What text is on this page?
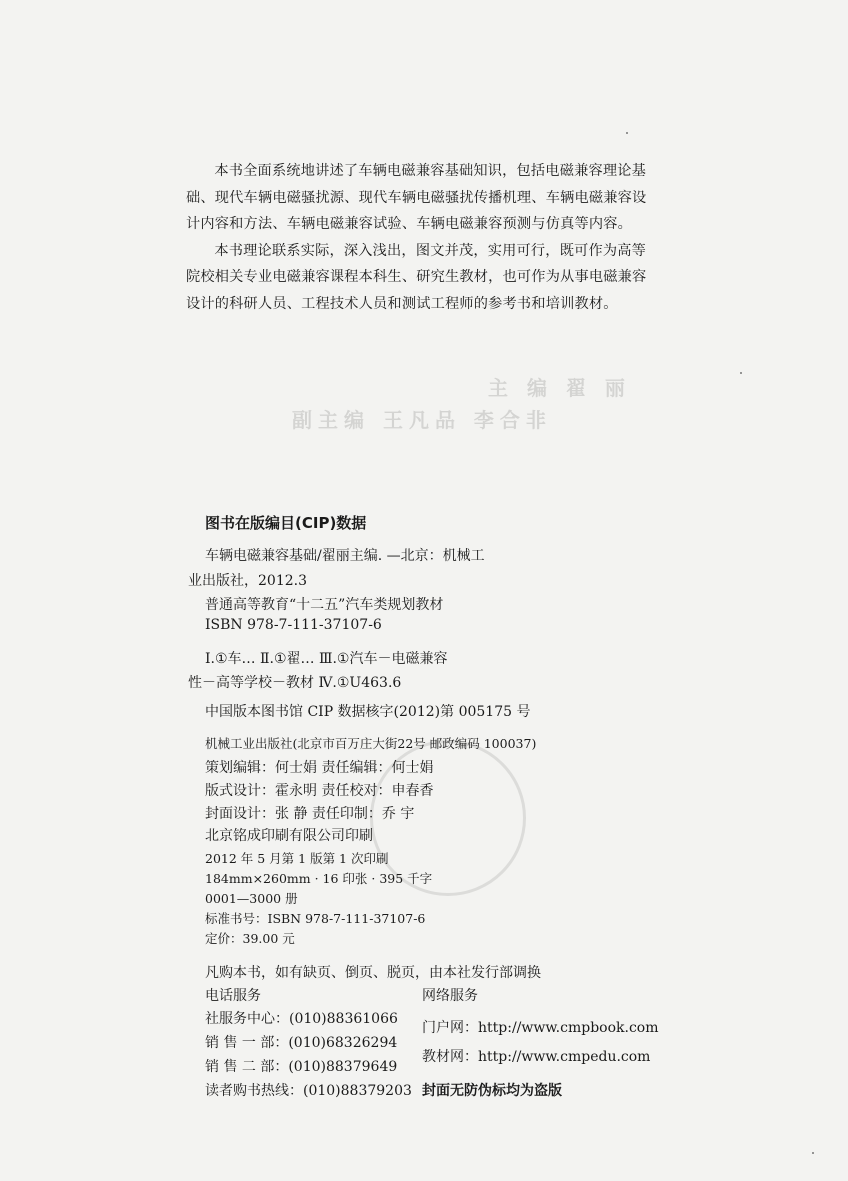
本书全面系统地讲述了车辆电磁兼容基础知识，包括电磁兼容理论基础、现代车辆电磁骚扰源、现代车辆电磁骚扰传播机理、车辆电磁兼容设计内容和方法、车辆电磁兼容试验、车辆电磁兼容预测与仿真等内容。

本书理论联系实际，深入浅出，图文并茂，实用可行，既可作为高等院校相关专业电磁兼容课程本科生、研究生教材，也可作为从事电磁兼容设计的科研人员、工程技术人员和测试工程师的参考书和培训教材。

主 编 翟 丽
副主编 王凡品 李合非
图书在版编目(CIP)数据
车辆电磁兼容基础/翟丽主编. —北京：机械工
业出版社，2012.3
普通高等教育“十二五”汽车类规划教材
ISBN 978-7-111-37107-6
Ⅰ.①车… Ⅱ.①翟… Ⅲ.①汽车－电磁兼容
性－高等学校－教材 Ⅳ.①U463.6
中国版本图书馆 CIP 数据核字(2012)第 005175 号
机械工业出版社(北京市百万庄大街22号 邮政编码 100037)
策划编辑：何士娟 责任编辑：何士娟
版式设计：霍永明 责任校对：申春香
封面设计：张 静 责任印制：乔 宇
北京铭成印刷有限公司印刷
2012 年 5 月第 1 版第 1 次印刷
184mm×260mm · 16 印张 · 395 千字
0001—3000 册
标准书号：ISBN 978-7-111-37107-6
定价：39.00 元
凡购本书，如有缺页、倒页、脱页，由本社发行部调换
电话服务	网络服务
社服务中心：(010)88361066
销 售 一 部：(010)68326294
销 售 二 部：(010)88379649
读者购书热线：(010)88379203
门户网：http://www.cmpbook.com
教材网：http://www.cmpedu.com
封面无防伪标均为盗版
